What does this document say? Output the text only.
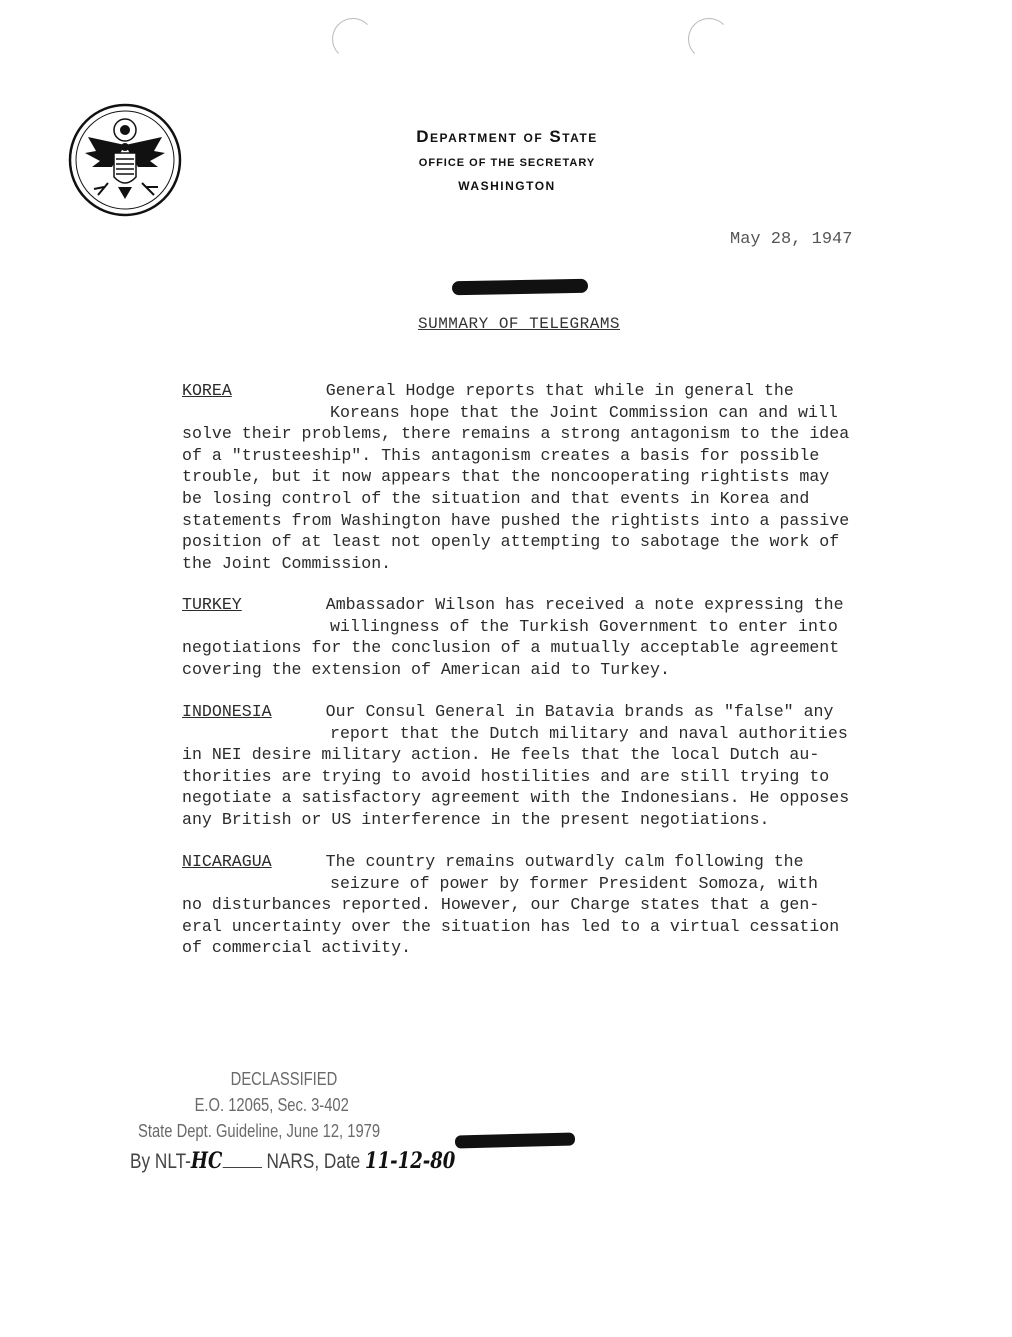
Department of State
OFFICE OF THE SECRETARY
WASHINGTON
May 28, 1947
SUMMARY OF TELEGRAMS
KOREA	General Hodge reports that while in general the
Koreans hope that the Joint Commission can and will
solve their problems, there remains a strong antagonism to the idea
of a "trusteeship". This antagonism creates a basis for possible
trouble, but it now appears that the noncooperating rightists may
be losing control of the situation and that events in Korea and
statements from Washington have pushed the rightists into a passive
position of at least not openly attempting to sabotage the work of
the Joint Commission.
TURKEY	Ambassador Wilson has received a note expressing the
willingness of the Turkish Government to enter into
negotiations for the conclusion of a mutually acceptable agreement
covering the extension of American aid to Turkey.
INDONESIA	Our Consul General in Batavia brands as "false" any
report that the Dutch military and naval authorities
in NEI desire military action. He feels that the local Dutch au-
thorities are trying to avoid hostilities and are still trying to
negotiate a satisfactory agreement with the Indonesians. He opposes
any British or US interference in the present negotiations.
NICARAGUA	The country remains outwardly calm following the
seizure of power by former President Somoza, with
no disturbances reported. However, our Charge states that a gen-
eral uncertainty over the situation has led to a virtual cessation
of commercial activity.
DECLASSIFIED
E.O. 12065, Sec. 3-402
State Dept. Guideline, June 12, 1979
By NLT-HC NARS, Date 11-12-80
